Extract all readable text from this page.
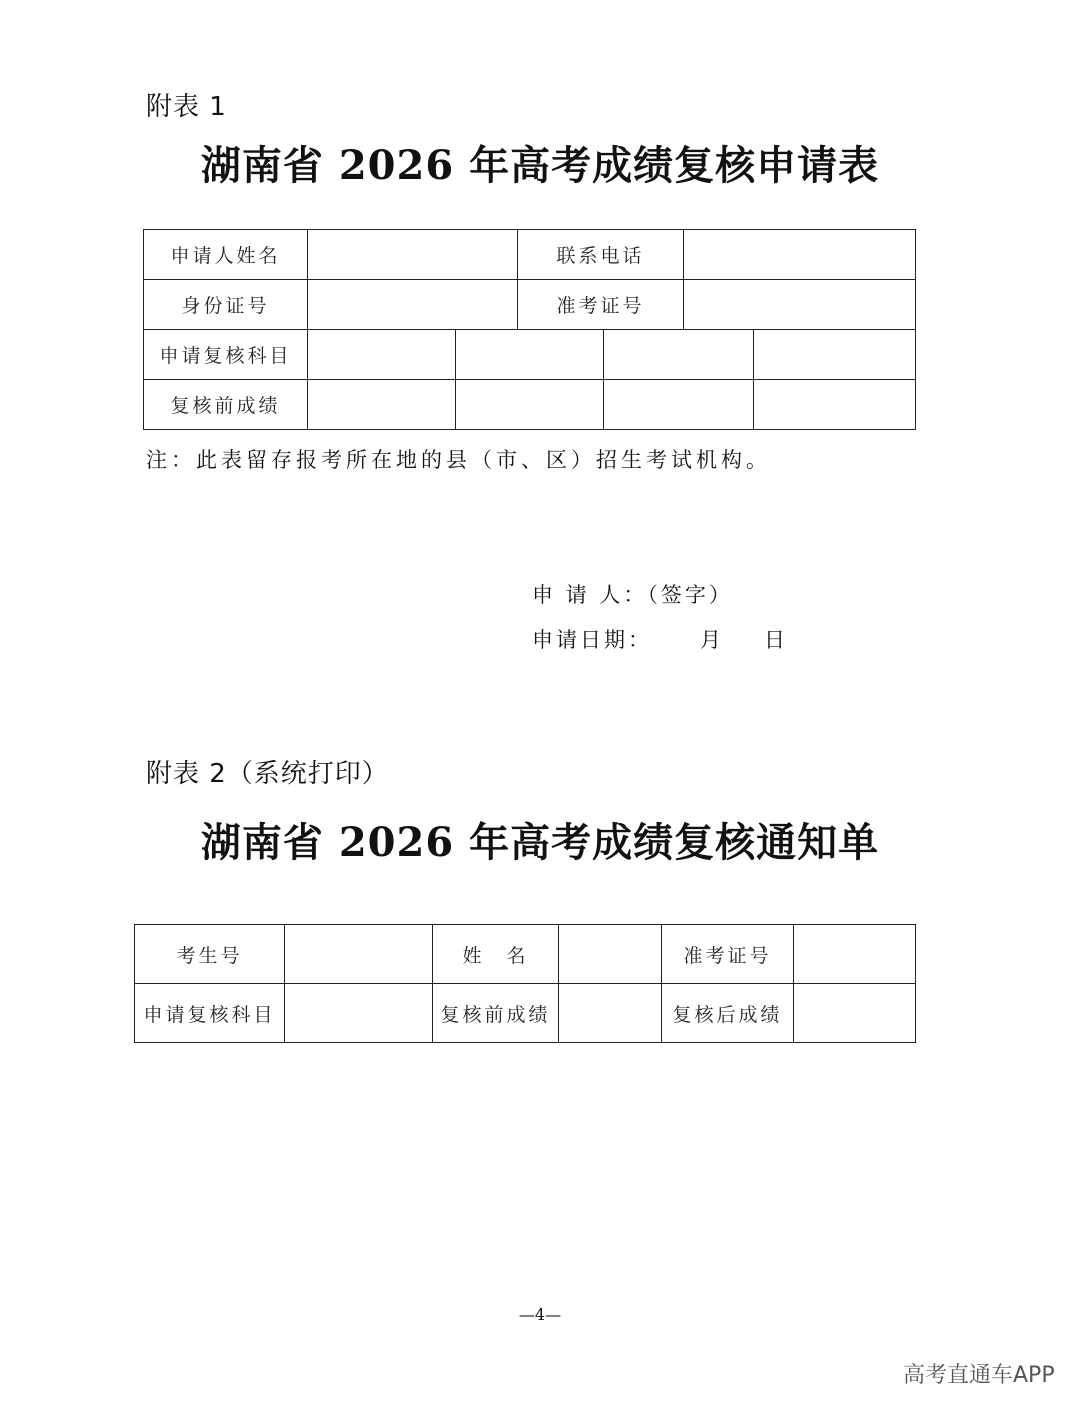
附表 1
湖南省 2026 年高考成绩复核申请表
申请人姓名			联系电话			
身份证号			准考证号			
申请复核科目						
复核前成绩						
注：此表留存报考所在地的县（市、区）招生考试机构。
申 请 人：（签字）
申请日期： 月 日
附表 2（系统打印）
湖南省 2026 年高考成绩复核通知单
考生号		姓　名		准考证号	
申请复核科目		复核前成绩		复核后成绩	
—4—
高考直通车APP
